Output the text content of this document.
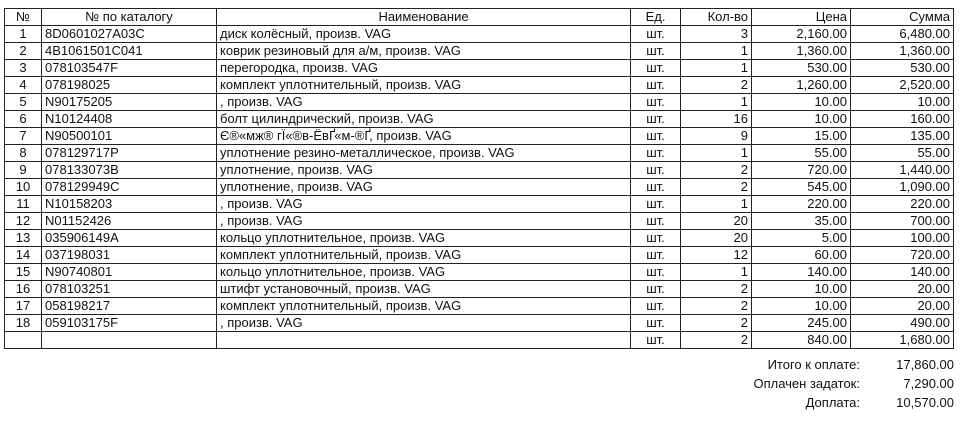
№	№ по каталогу	Наименование	Ед.	Кол-во	Цена	Сумма
1	8D0601027A03C	диск колёсный, произв. VAG	шт.	3	2,160.00	6,480.00
2	4B1061501C041	коврик резиновый для а/м, произв. VAG	шт.	1	1,360.00	1,360.00
3	078103547F	перегородка, произв. VAG	шт.	1	530.00	530.00
4	078198025	комплект уплотнительный, произв. VAG	шт.	2	1,260.00	2,520.00
5	N90175205	, произв. VAG	шт.	1	10.00	10.00
6	N10124408	болт цилиндрический, произв. VAG	шт.	16	10.00	160.00
7	N90500101	Є®«мж® гЇ«®в-ЁвҐ«м-®Ґ, произв. VAG	шт.	9	15.00	135.00
8	078129717P	уплотнение резино-металлическое, произв. VAG	шт.	1	55.00	55.00
9	078133073B	уплотнение, произв. VAG	шт.	2	720.00	1,440.00
10	078129949C	уплотнение, произв. VAG	шт.	2	545.00	1,090.00
11	N10158203	, произв. VAG	шт.	1	220.00	220.00
12	N01152426	, произв. VAG	шт.	20	35.00	700.00
13	035906149A	кольцо уплотнительное, произв. VAG	шт.	20	5.00	100.00
14	037198031	комплект уплотнительный, произв. VAG	шт.	12	60.00	720.00
15	N90740801	кольцо уплотнительное, произв. VAG	шт.	1	140.00	140.00
16	078103251	штифт установочный, произв. VAG	шт.	2	10.00	20.00
17	058198217	комплект уплотнительный, произв. VAG	шт.	2	10.00	20.00
18	059103175F	, произв. VAG	шт.	2	245.00	490.00
			шт.	2	840.00	1,680.00
Итого к оплате:	17,860.00
Оплачен задаток:	7,290.00
Доплата:	10,570.00
